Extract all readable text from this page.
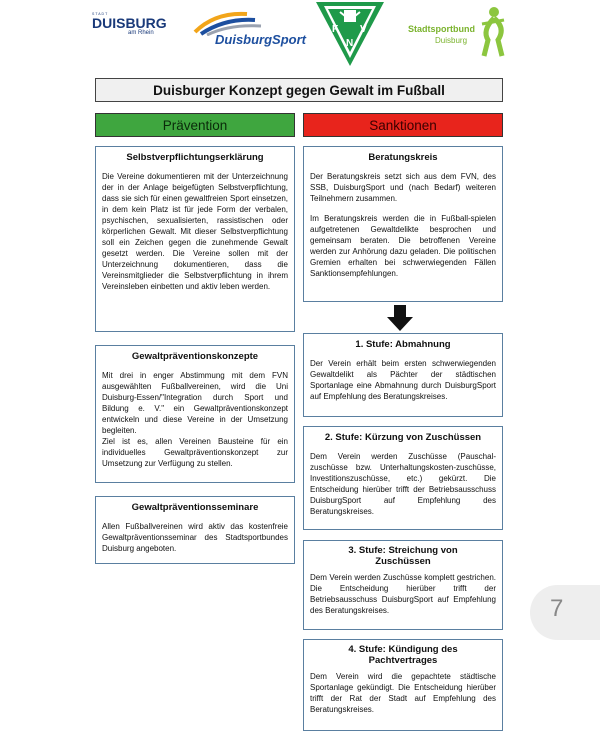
STADT
DUISBURG
am Rhein	DuisburgSport
F V
N
Stadtsportbund
Duisburg
Duisburger Konzept gegen Gewalt im Fußball
Prävention	Sanktionen
Selbstverpflichtungserklärung

Die Vereine dokumentieren mit der Unterzeichnung der in der Anlage beigefügten Selbstverpflichtung, dass sie sich für einen gewaltfreien Sport einsetzen, in dem kein Platz ist für jede Form der verbalen, psychischen, sexualisierten, rassistischen oder körperlichen Gewalt. Mit dieser Selbstverpflichtung soll ein Zeichen gegen die zunehmende Gewalt gesetzt werden. Die Vereine sollen mit der Unterzeichnung dokumentieren, dass die Vereinsmitglieder die Selbstverpflichtung in ihrem Vereinsleben einbetten und aktiv leben werden.

Gewaltpräventionskonzepte

Mit drei in enger Abstimmung mit dem FVN ausgewählten Fußballvereinen, wird die Uni Duisburg-Essen/"Integration durch Sport und Bildung e. V." ein Gewaltpräventionskonzept entwickeln und diese Vereine in der Umsetzung begleiten.

Ziel ist es, allen Vereinen Bausteine für ein individuelles Gewaltpräventionskonzept zur Umsetzung zur Verfügung zu stellen.

Gewaltpräventionsseminare

Allen Fußballvereinen wird aktiv das kostenfreie Gewaltpräventionsseminar des Stadtsportbundes Duisburg angeboten.

Beratungskreis

Der Beratungskreis setzt sich aus dem FVN, des SSB, DuisburgSport und (nach Bedarf) weiteren Teilnehmern zusammen.

Im Beratungskreis werden die in Fußball-spielen aufgetretenen Gewaltdelikte besprochen und gemeinsam beraten. Die betroffenen Vereine werden zur Anhörung dazu geladen. Die politischen Gremien erhalten bei schwerwiegenden Fällen Sanktionsempfehlungen.

1. Stufe: Abmahnung

Der Verein erhält beim ersten schwerwiegenden Gewaltdelikt als Pächter der städtischen Sportanlage eine Abmahnung durch DuisburgSport auf Empfehlung des Beratungskreises.

2. Stufe: Kürzung von Zuschüssen

Dem Verein werden Zuschüsse (Pauschal-zuschüsse bzw. Unterhaltungskosten-zuschüsse, Investitionszuschüsse, etc.) gekürzt. Die Entscheidung hierüber trifft der Betriebsausschuss DuisburgSport auf Empfehlung des Beratungskreises.

3. Stufe: Streichung von Zuschüssen

Dem Verein werden Zuschüsse komplett gestrichen. Die Entscheidung hierüber trifft der Betriebsausschuss DuisburgSport auf Empfehlung des Beratungskreises.

4. Stufe: Kündigung des Pachtvertrages

Dem Verein wird die gepachtete städtische Sportanlage gekündigt. Die Entscheidung hierüber trifft der Rat der Stadt auf Empfehlung des Beratungskreises.

7
